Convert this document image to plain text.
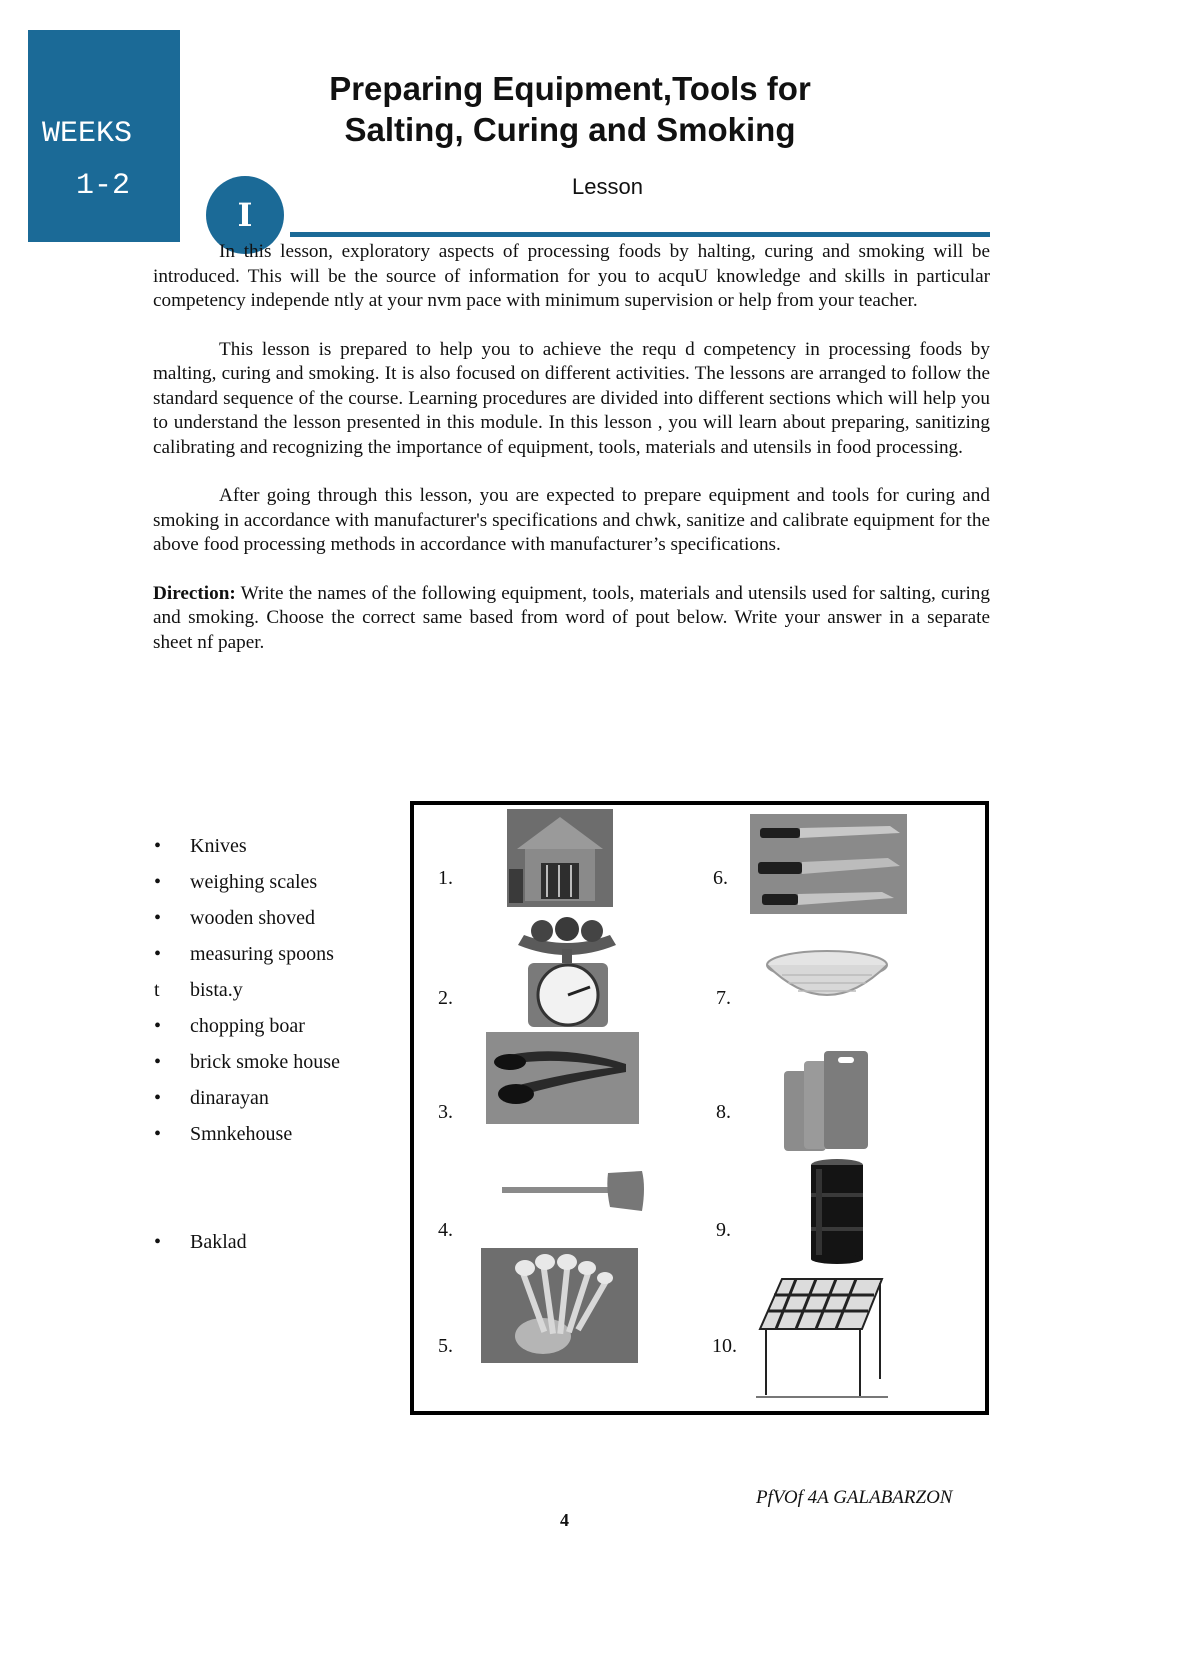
WEEKS
1-2
Preparing Equipment,Tools for
Salting, Curing and Smoking
I
Lesson

In this lesson, exploratory aspects of processing foods by halting, curing and smoking will be introduced. This will be the source of information for you to acquU knowledge and skills in particular competency independe ntly at your nvm pace with minimum supervision or help from your teacher.

This lesson is prepared to help you to achieve the requ d competency in processing foods by malting, curing and smoking. It is also focused on different activities. The lessons are arranged to follow the standard sequence of the course. Learning procedures are divided into different sections which will help you to understand the lesson presented in this module. In this lesson , you will learn about preparing, sanitizing calibrating and recognizing the importance of equipment, tools, materials and utensils in food processing.

After going through this lesson, you are expected to prepare equipment and tools for curing and smoking in accordance with manufacturer's specifications and chwk, sanitize and calibrate equipment for the above food processing methods in accordance with manufacturer’s specifications.

Direction: Write the names of the following equipment, tools, materials and utensils used for salting, curing and smoking. Choose the correct same based from word of pout below. Write your answer in a separate sheet nf paper.

•	Knives
•	weighing scales
•	wooden shoved
•	measuring spoons
t	bista.y
•	chopping boar
•	brick smoke house
•	dinarayan
•	Smnkehouse
•	Baklad
1.
2.
3.
4.
5.
6.
7.
8.
9.
10.
PfVOf 4A GALABARZON
4
